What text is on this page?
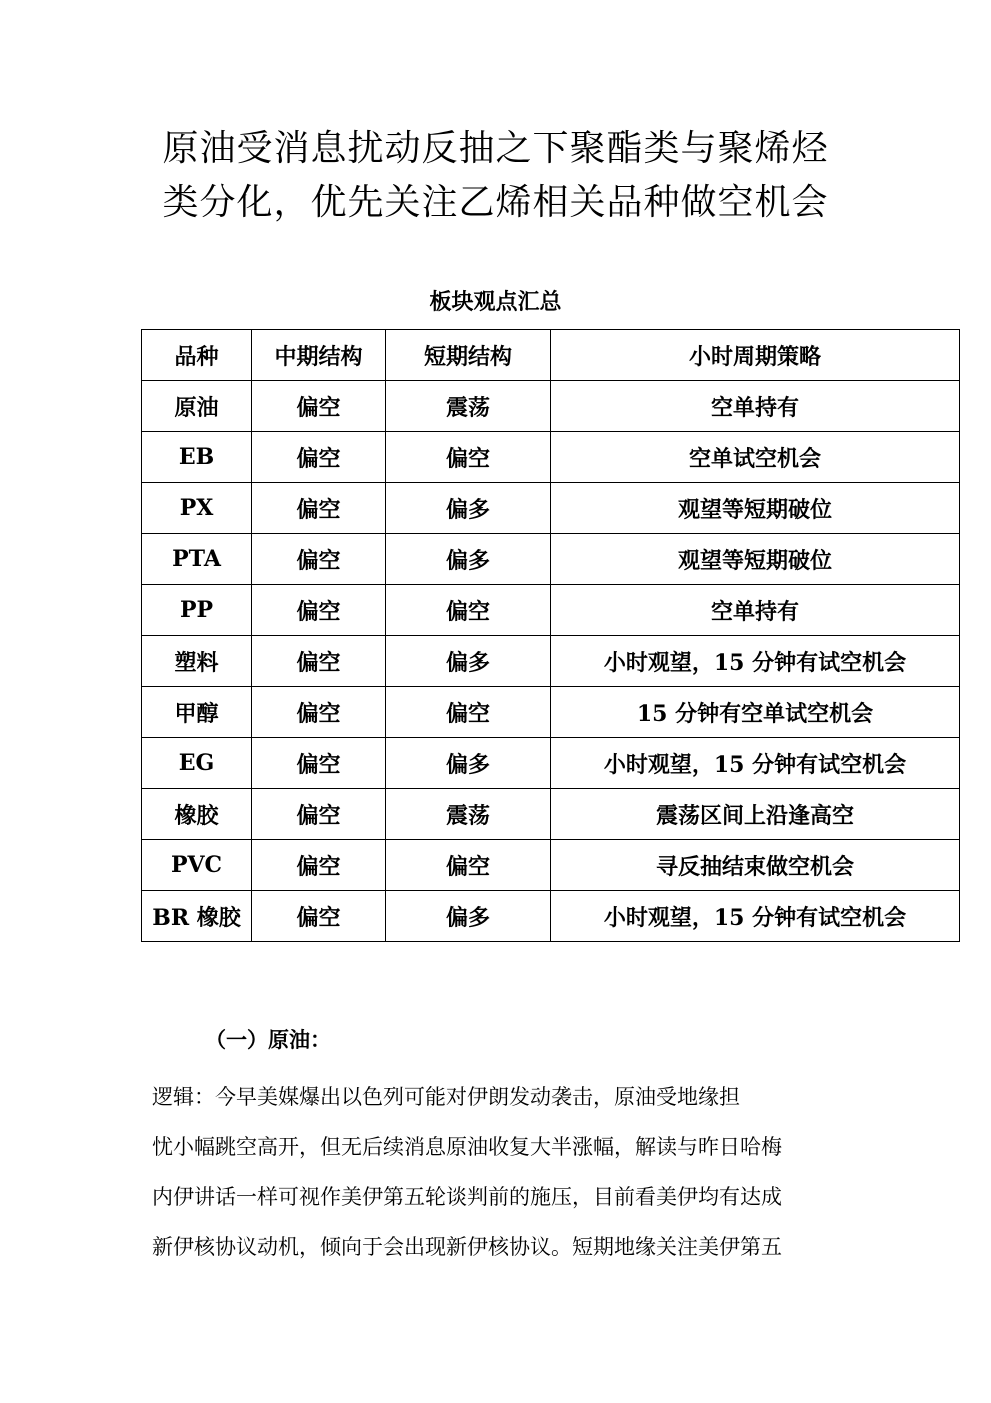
原油受消息扰动反抽之下聚酯类与聚烯烃
类分化，优先关注乙烯相关品种做空机会
板块观点汇总
品种	中期结构	短期结构	小时周期策略
原油	偏空	震荡	空单持有
EB	偏空	偏空	空单试空机会
PX	偏空	偏多	观望等短期破位
PTA	偏空	偏多	观望等短期破位
PP	偏空	偏空	空单持有
塑料	偏空	偏多	小时观望，15 分钟有试空机会
甲醇	偏空	偏空	15 分钟有空单试空机会
EG	偏空	偏多	小时观望，15 分钟有试空机会
橡胶	偏空	震荡	震荡区间上沿逢高空
PVC	偏空	偏空	寻反抽结束做空机会
BR 橡胶	偏空	偏多	小时观望，15 分钟有试空机会
（一）原油：
逻辑：今早美媒爆出以色列可能对伊朗发动袭击，原油受地缘担
忧小幅跳空高开，但无后续消息原油收复大半涨幅，解读与昨日哈梅
内伊讲话一样可视作美伊第五轮谈判前的施压，目前看美伊均有达成
新伊核协议动机，倾向于会出现新伊核协议。短期地缘关注美伊第五
